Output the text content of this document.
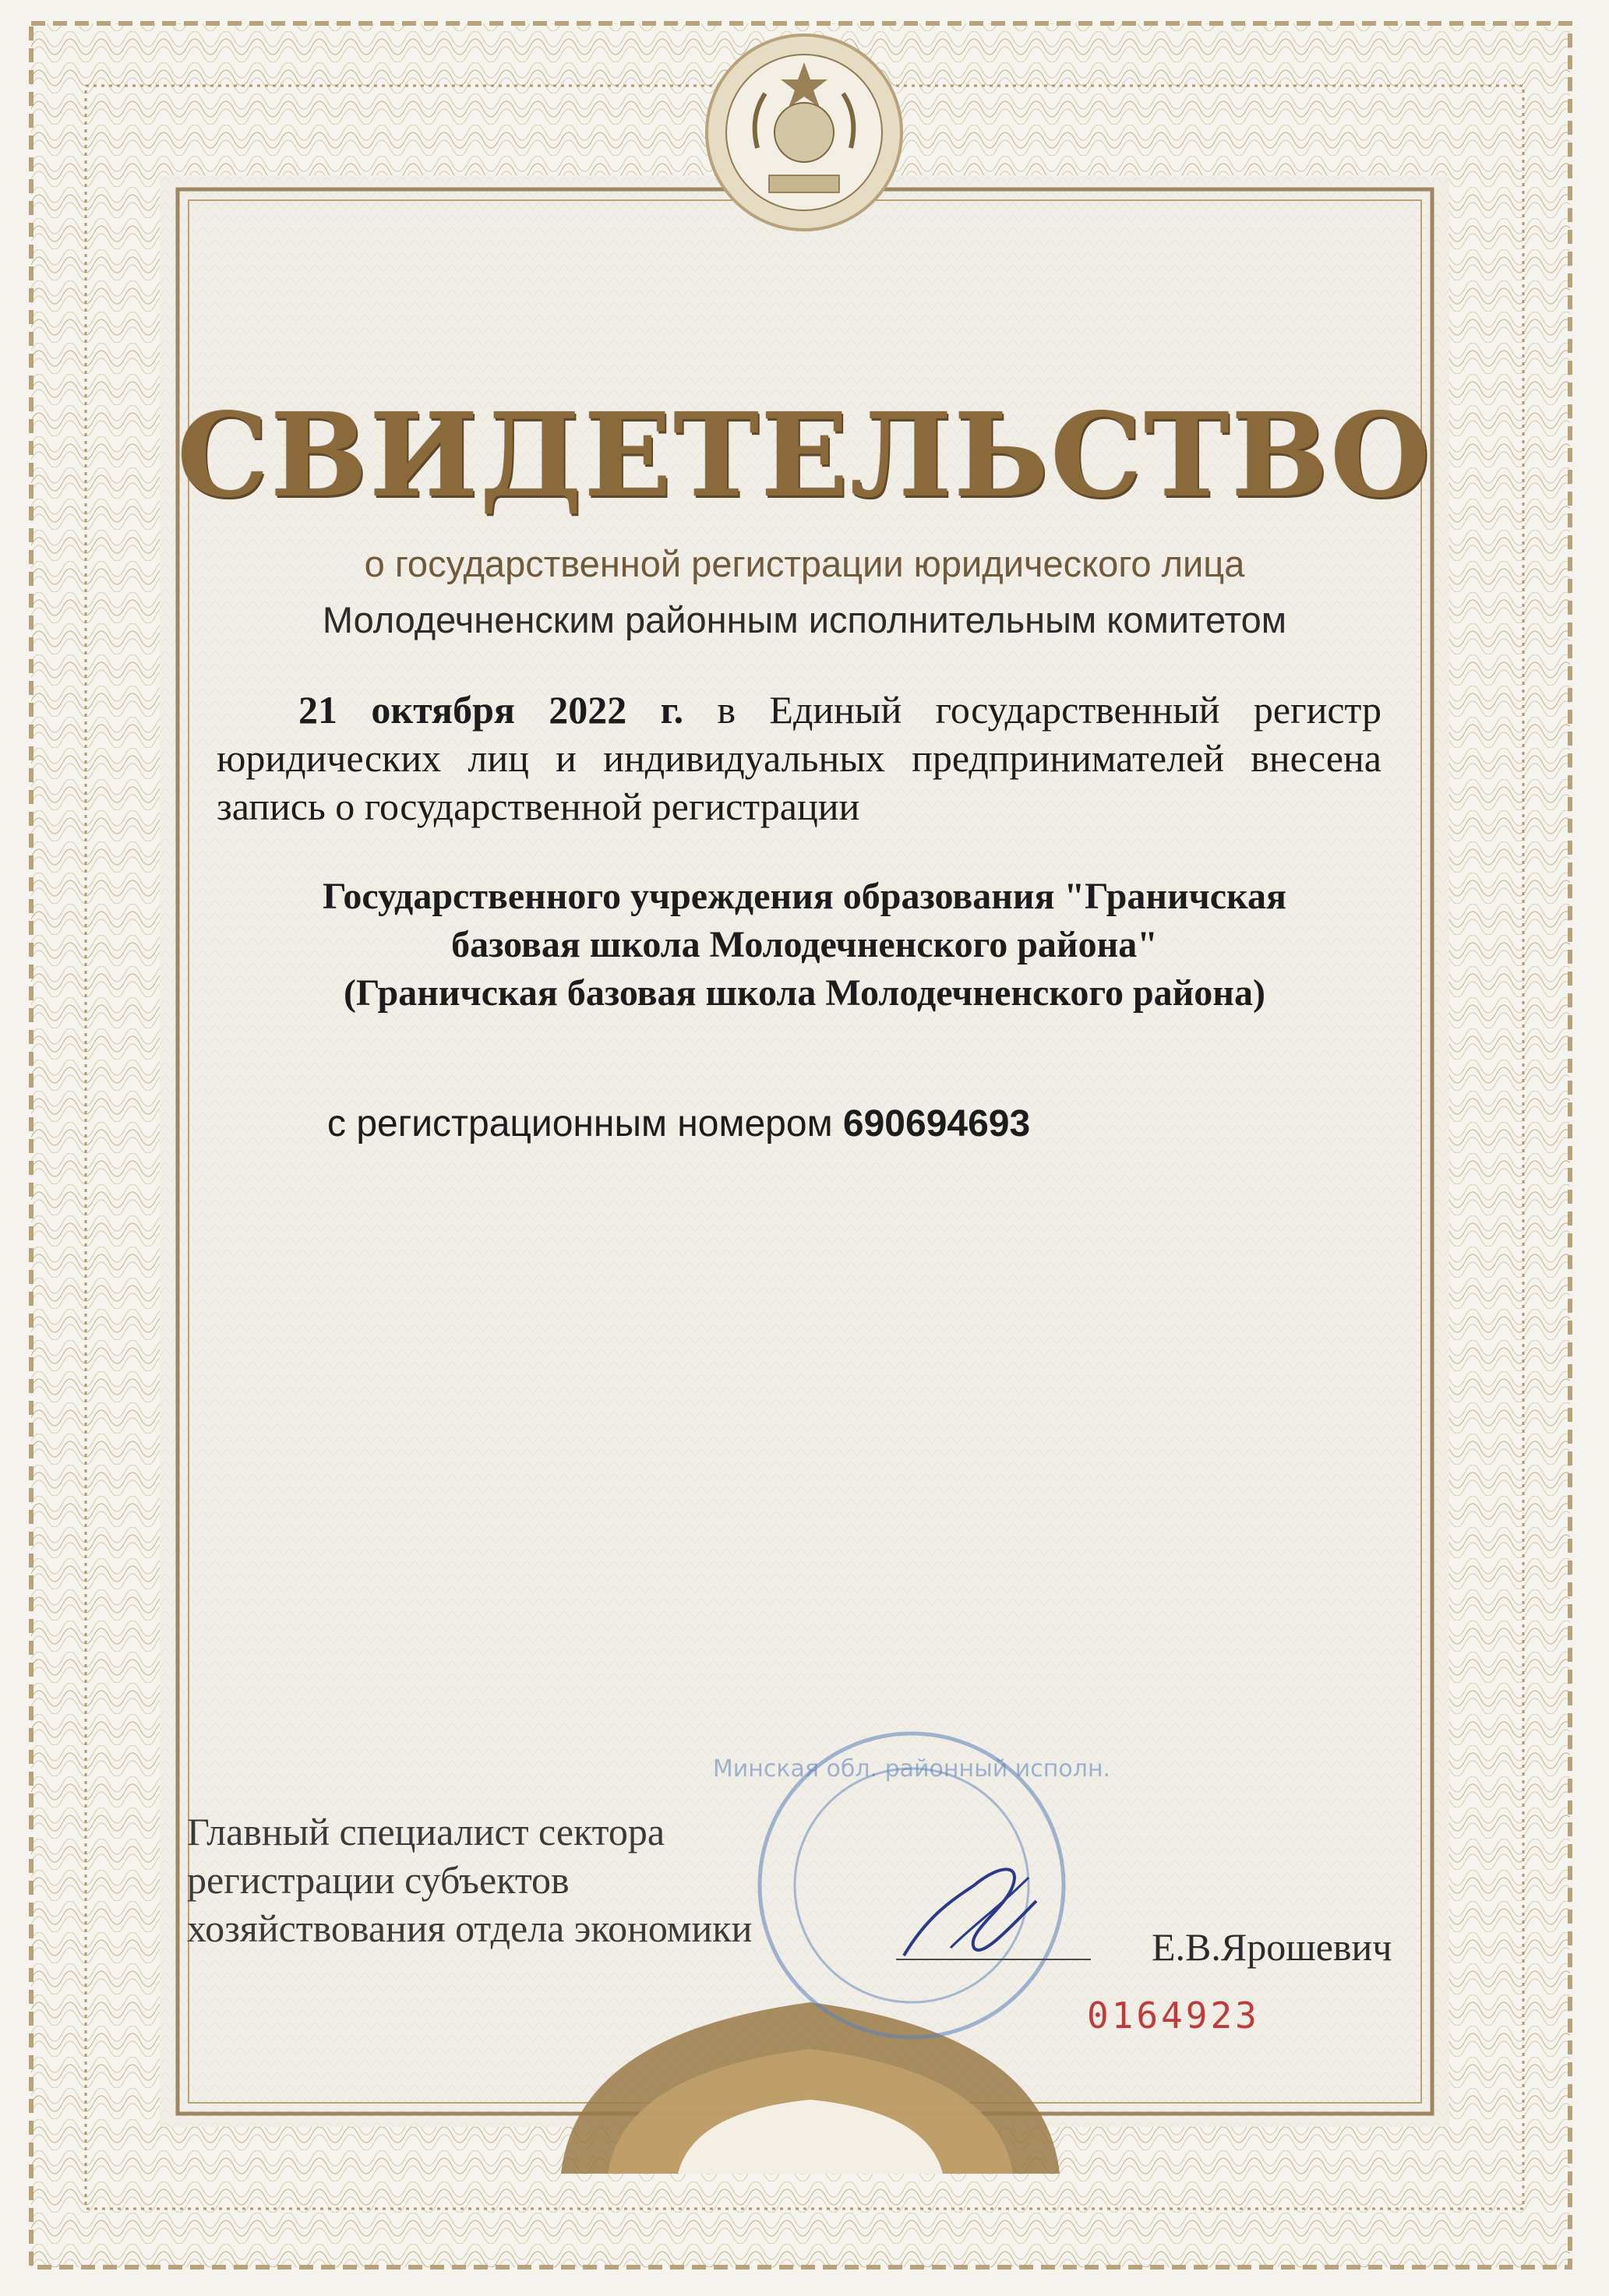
СВИДЕТЕЛЬСТВО
о государственной регистрации юридического лица
Молодечненским районным исполнительным комитетом
21 октября 2022 г. в Единый государственный регистр юридических лиц и индивидуальных предпринимателей внесена запись о государственной регистрации
Государственного учреждения образования "Граничская
базовая школа Молодечненского района"
(Граничская базовая школа Молодечненского района)
с регистрационным номером 690694693
Минская обл. районный исполн.
Главный специалист сектора
регистрации субъектов
хозяйствования отдела экономики	Е.В.Ярошевич
0164923
